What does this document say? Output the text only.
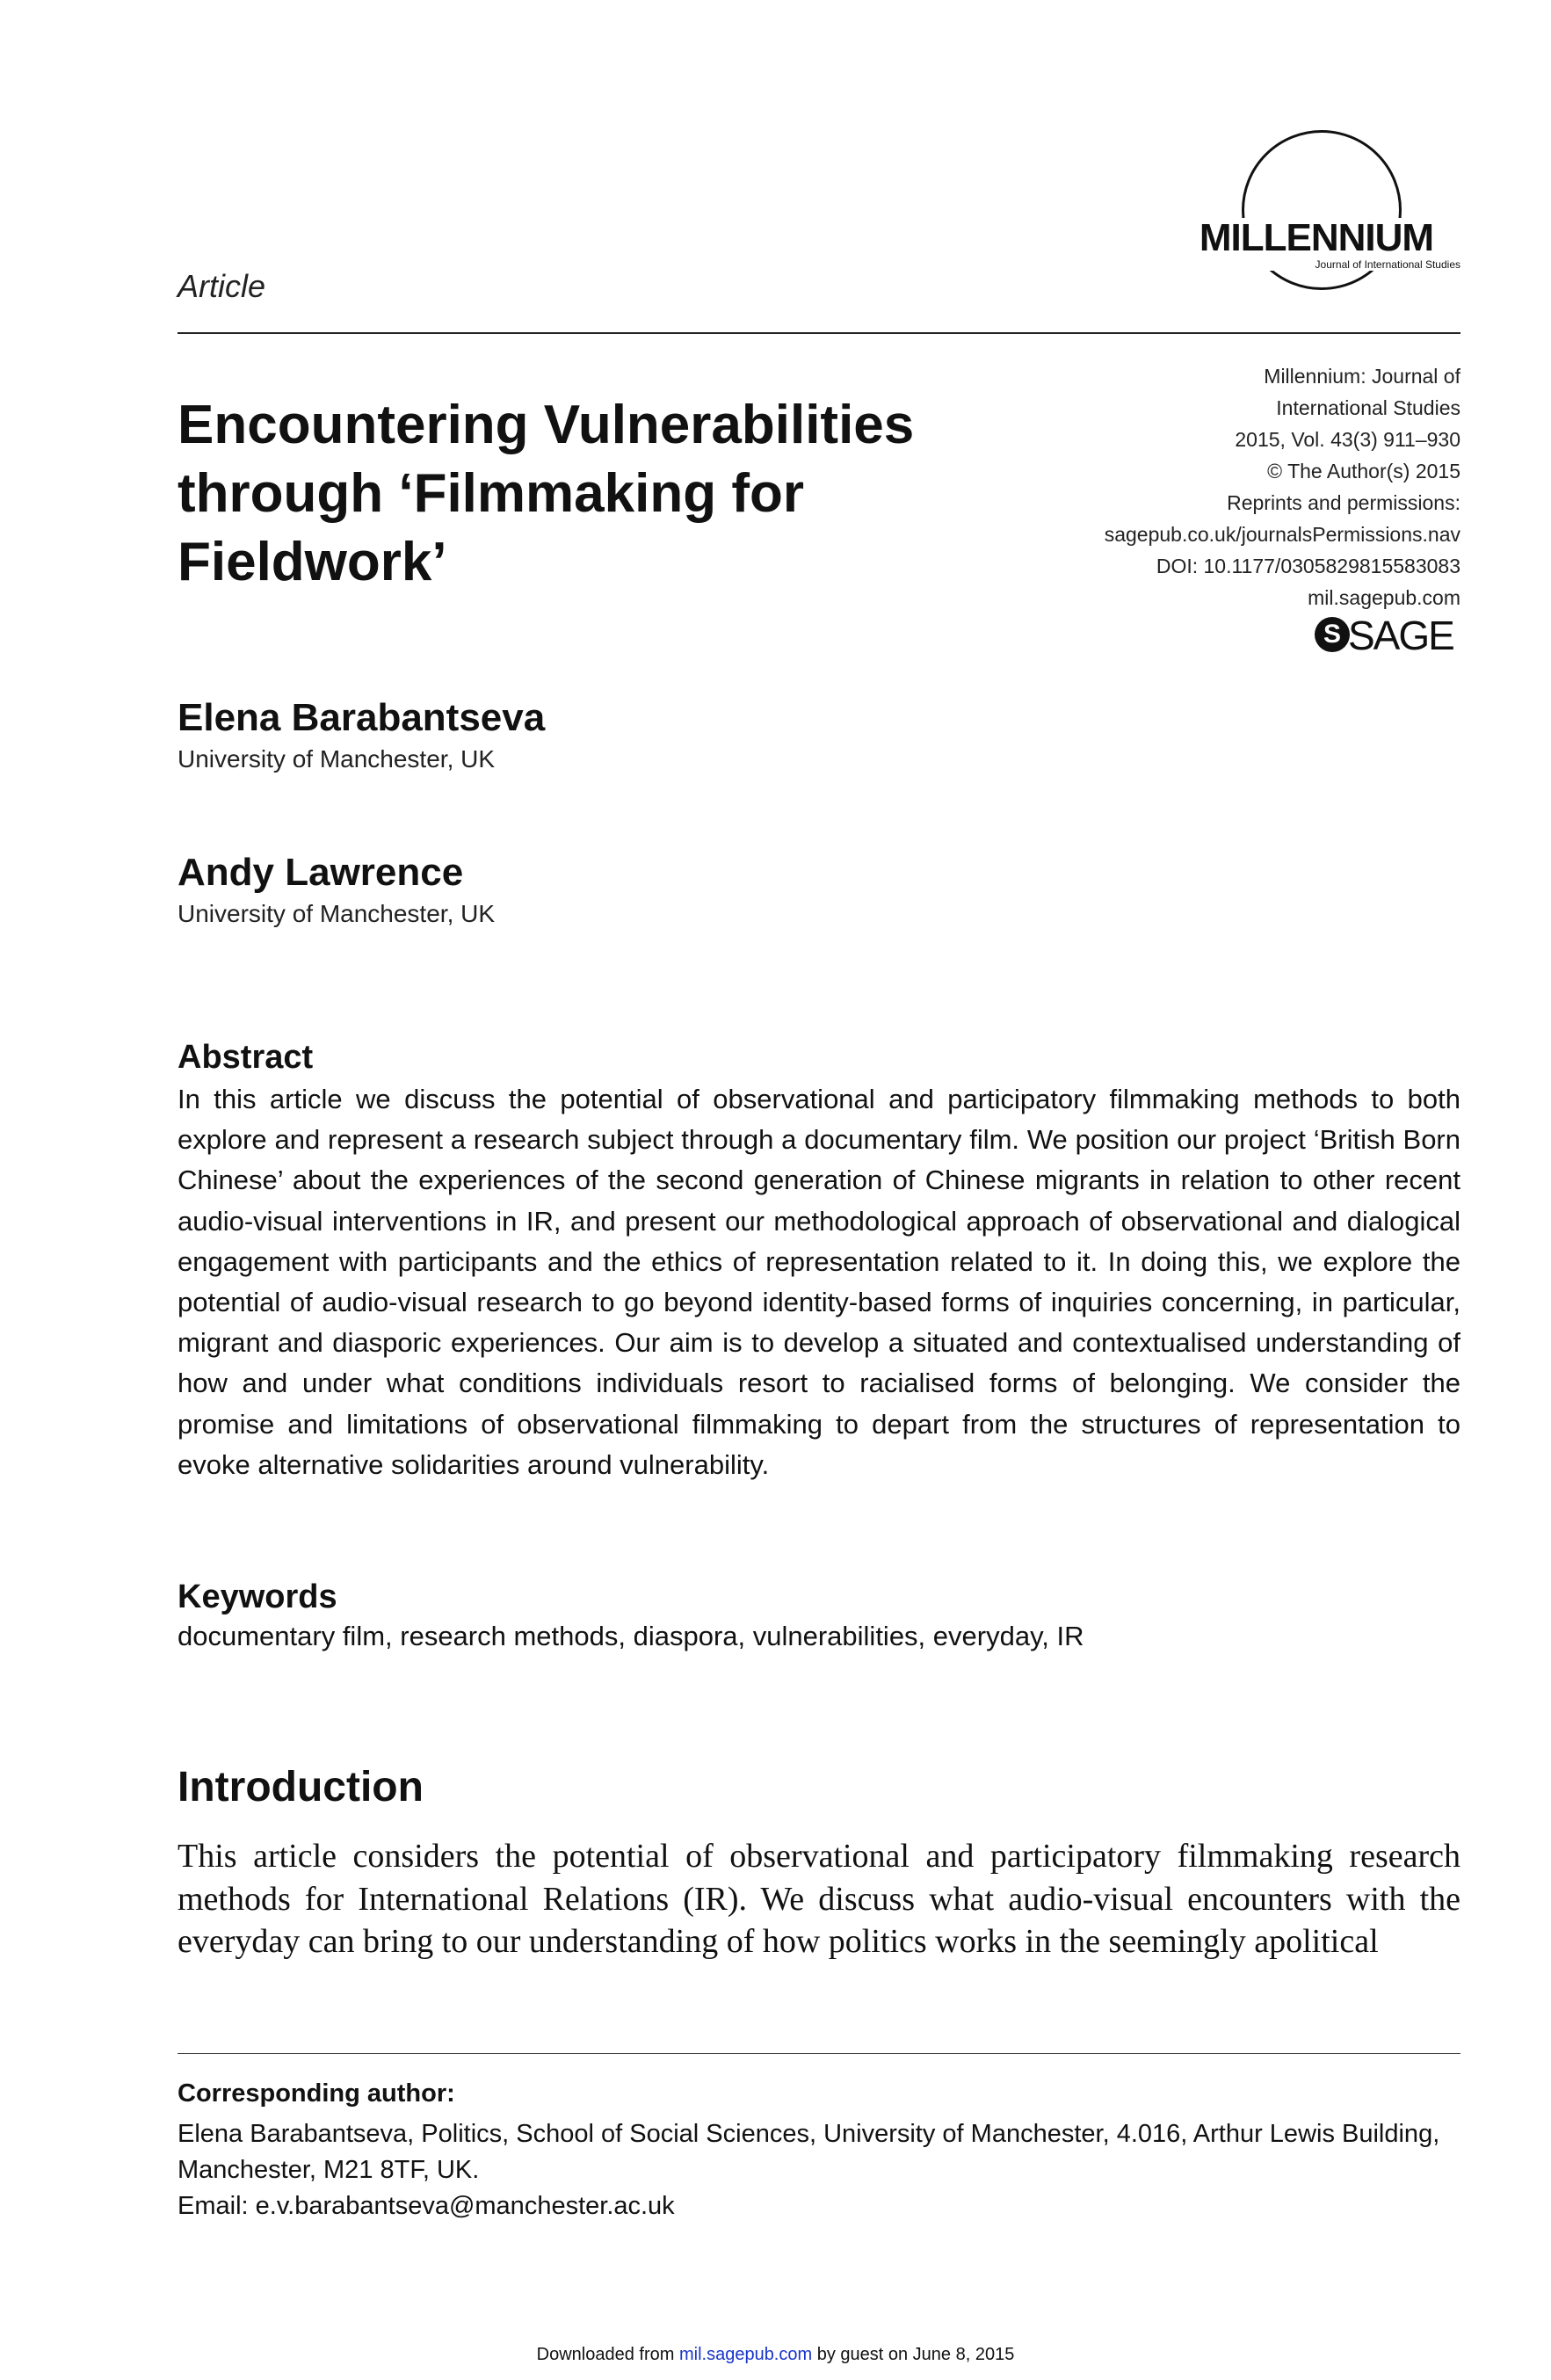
Article
MILLENNIUM
Journal of International Studies
Millennium: Journal of
International Studies
2015, Vol. 43(3) 911–930
© The Author(s) 2015
Reprints and permissions:
sagepub.co.uk/journalsPermissions.nav
DOI: 10.1177/0305829815583083
mil.sagepub.com
S SAGE
Encountering Vulnerabilities
through ‘Filmmaking for
Fieldwork’
Elena Barabantseva
University of Manchester, UK
Andy Lawrence
University of Manchester, UK
Abstract
In this article we discuss the potential of observational and participatory filmmaking methods to both explore and represent a research subject through a documentary film. We position our project ‘British Born Chinese’ about the experiences of the second generation of Chinese migrants in relation to other recent audio-visual interventions in IR, and present our methodological approach of observational and dialogical engagement with participants and the ethics of representation related to it. In doing this, we explore the potential of audio-visual research to go beyond identity-based forms of inquiries concerning, in particular, migrant and diasporic experiences. Our aim is to develop a situated and contextualised understanding of how and under what conditions individuals resort to racialised forms of belonging. We consider the promise and limitations of observational filmmaking to depart from the structures of representation to evoke alternative solidarities around vulnerability.
Keywords
documentary film, research methods, diaspora, vulnerabilities, everyday, IR
Introduction
This article considers the potential of observational and participatory filmmaking research methods for International Relations (IR). We discuss what audio-visual encounters with the everyday can bring to our understanding of how politics works in the seemingly apolitical
Corresponding author:
Elena Barabantseva, Politics, School of Social Sciences, University of Manchester, 4.016, Arthur Lewis Building, Manchester, M21 8TF, UK.
Email: e.v.barabantseva@manchester.ac.uk
Downloaded from mil.sagepub.com by guest on June 8, 2015
